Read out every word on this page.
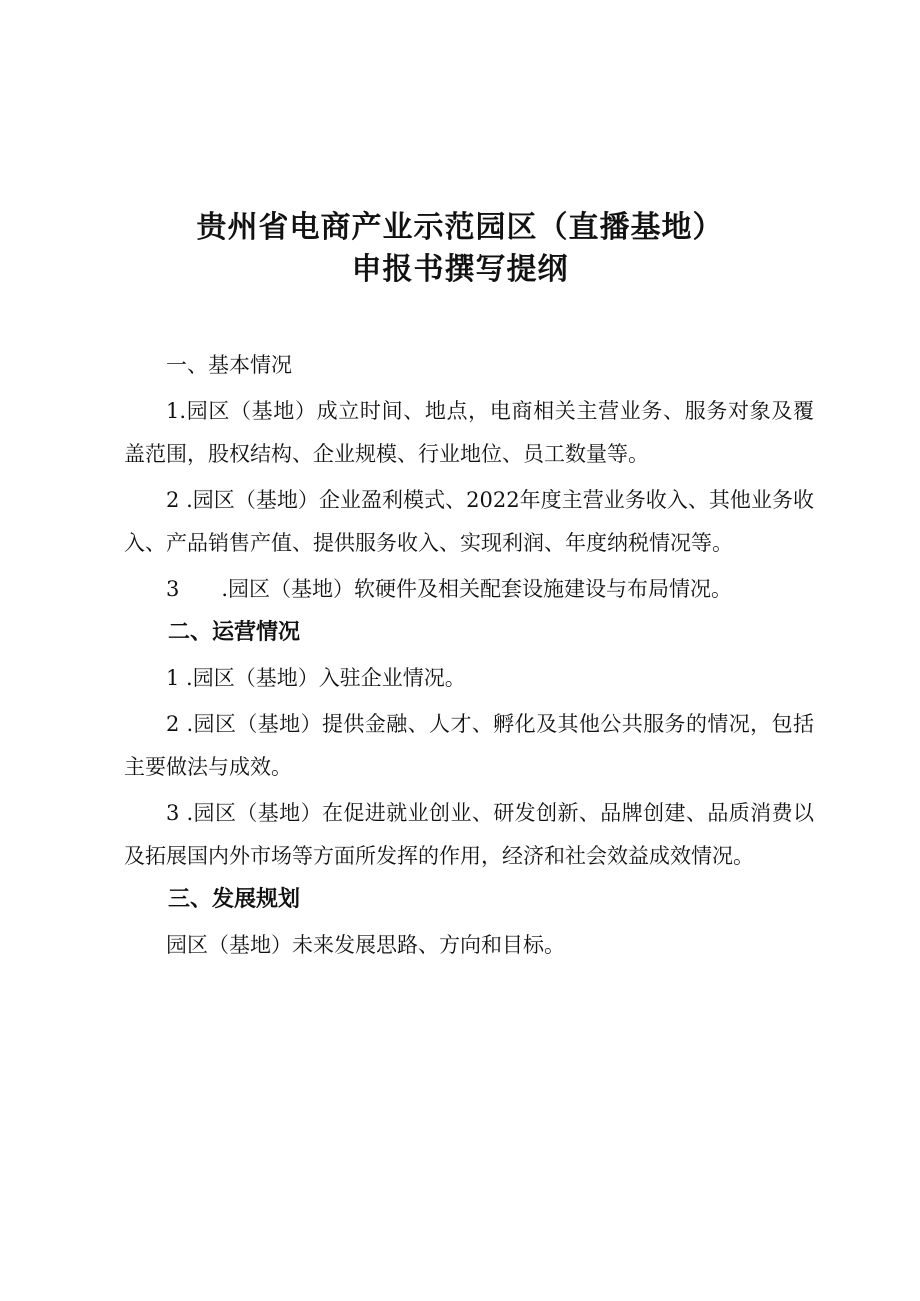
贵州省电商产业示范园区（直播基地）
申报书撰写提纲

一、基本情况

1.园区（基地）成立时间、地点，电商相关主营业务、服务对象及覆盖范围，股权结构、企业规模、行业地位、员工数量等。

2 .园区（基地）企业盈利模式、2022年度主营业务收入、其他业务收入、产品销售产值、提供服务收入、实现利润、年度纳税情况等。

3 .园区（基地）软硬件及相关配套设施建设与布局情况。

二、运营情况

1 .园区（基地）入驻企业情况。

2 .园区（基地）提供金融、人才、孵化及其他公共服务的情况，包括主要做法与成效。

3 .园区（基地）在促进就业创业、研发创新、品牌创建、品质消费以及拓展国内外市场等方面所发挥的作用，经济和社会效益成效情况。

三、发展规划

园区（基地）未来发展思路、方向和目标。
